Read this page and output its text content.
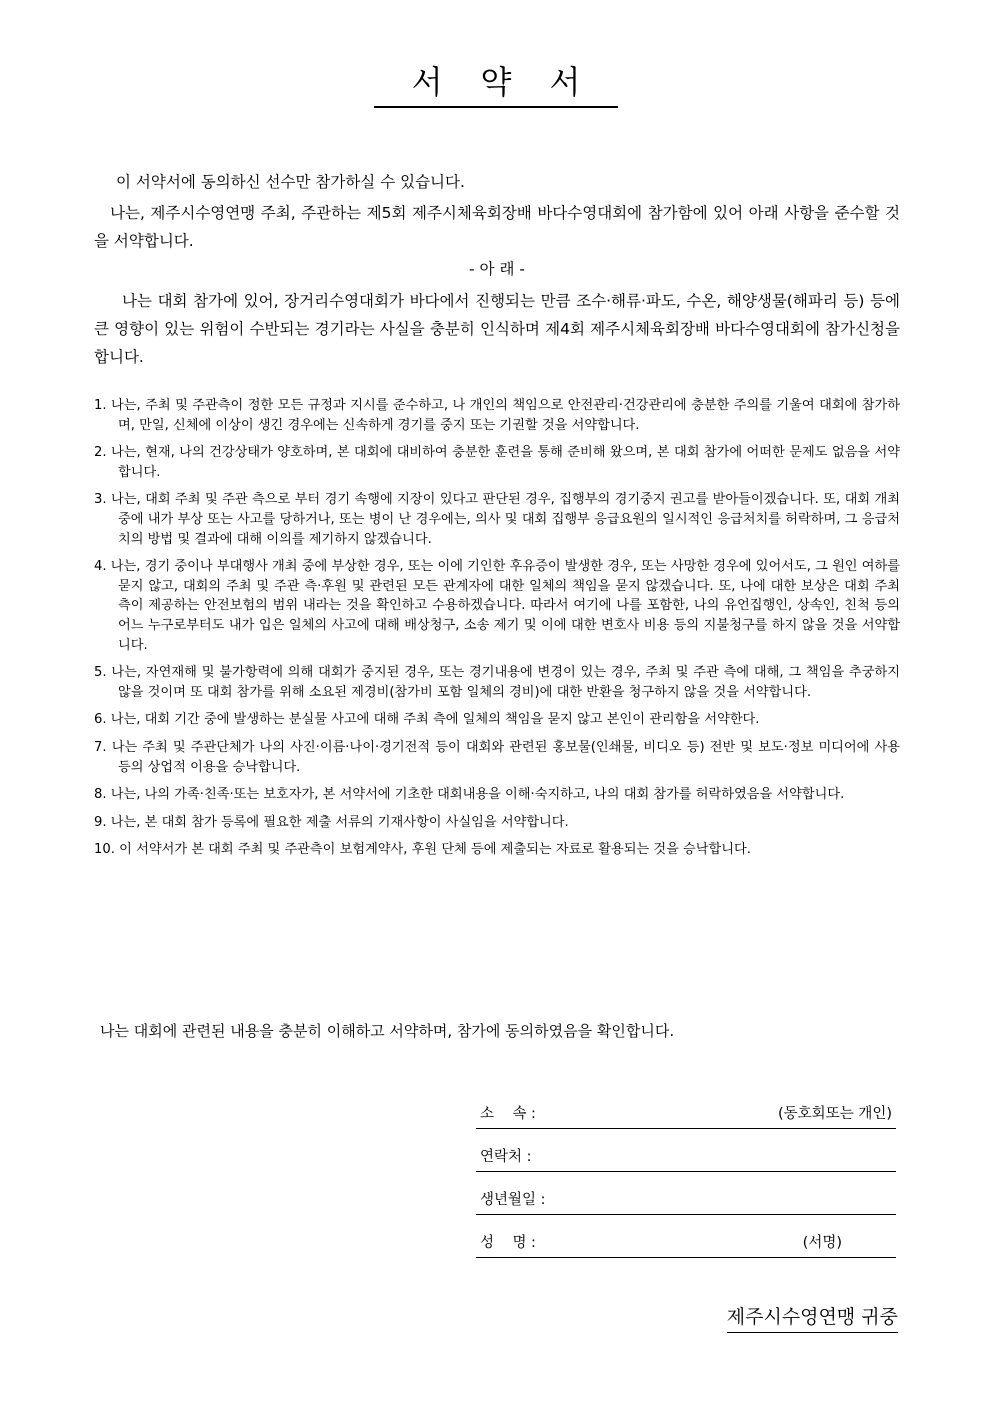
서약서
이 서약서에 동의하신 선수만 참가하실 수 있습니다.
나는, 제주시수영연맹 주최, 주관하는 제5회 제주시체육회장배 바다수영대회에 참가함에 있어 아래 사항을 준수할 것을 서약합니다.
- 아 래 -
나는 대회 참가에 있어, 장거리수영대회가 바다에서 진행되는 만큼 조수·해류·파도, 수온, 해양생물(해파리 등) 등에 큰 영향이 있는 위험이 수반되는 경기라는 사실을 충분히 인식하며 제4회 제주시체육회장배 바다수영대회에 참가신청을 합니다.
1. 나는, 주최 및 주관측이 정한 모든 규정과 지시를 준수하고, 나 개인의 책임으로 안전관리·건강관리에 충분한 주의를 기울여 대회에 참가하며, 만일, 신체에 이상이 생긴 경우에는 신속하게 경기를 중지 또는 기권할 것을 서약합니다.
2. 나는, 현재, 나의 건강상태가 양호하며, 본 대회에 대비하여 충분한 훈련을 통해 준비해 왔으며, 본 대회 참가에 어떠한 문제도 없음을 서약합니다.
3. 나는, 대회 주최 및 주관 측으로 부터 경기 속행에 지장이 있다고 판단된 경우, 집행부의 경기중지 권고를 받아들이겠습니다. 또, 대회 개최 중에 내가 부상 또는 사고를 당하거나, 또는 병이 난 경우에는, 의사 및 대회 집행부 응급요원의 일시적인 응급처치를 허락하며, 그 응급처치의 방법 및 결과에 대해 이의를 제기하지 않겠습니다.
4. 나는, 경기 중이나 부대행사 개최 중에 부상한 경우, 또는 이에 기인한 후유증이 발생한 경우, 또는 사망한 경우에 있어서도, 그 원인 여하를 묻지 않고, 대회의 주최 및 주관 측·후원 및 관련된 모든 관계자에 대한 일체의 책임을 묻지 않겠습니다. 또, 나에 대한 보상은 대회 주최 측이 제공하는 안전보험의 범위 내라는 것을 확인하고 수용하겠습니다. 따라서 여기에 나를 포함한, 나의 유언집행인, 상속인, 친척 등의 어느 누구로부터도 내가 입은 일체의 사고에 대해 배상청구, 소송 제기 및 이에 대한 변호사 비용 등의 지불청구를 하지 않을 것을 서약합니다.
5. 나는, 자연재해 및 불가항력에 의해 대회가 중지된 경우, 또는 경기내용에 변경이 있는 경우, 주최 및 주관 측에 대해, 그 책임을 추궁하지 않을 것이며 또 대회 참가를 위해 소요된 제경비(참가비 포함 일체의 경비)에 대한 반환을 청구하지 않을 것을 서약합니다.
6. 나는, 대회 기간 중에 발생하는 분실물 사고에 대해 주최 측에 일체의 책임을 묻지 않고 본인이 관리함을 서약한다.
7. 나는 주최 및 주관단체가 나의 사진·이름·나이·경기전적 등이 대회와 관련된 홍보물(인쇄물, 비디오 등) 전반 및 보도·정보 미디어에 사용 등의 상업적 이용을 승낙합니다.
8. 나는, 나의 가족·친족·또는 보호자가, 본 서약서에 기초한 대회내용을 이해·숙지하고, 나의 대회 참가를 허락하였음을 서약합니다.
9. 나는, 본 대회 참가 등록에 필요한 제출 서류의 기재사항이 사실임을 서약합니다.
10. 이 서약서가 본 대회 주최 및 주관측이 보험계약사, 후원 단체 등에 제출되는 자료로 활용되는 것을 승낙합니다.
나는 대회에 관련된 내용을 충분히 이해하고 서약하며, 참가에 동의하였음을 확인합니다.
소    속 :	(동호회또는 개인)
연락처 :
생년월일 :
성    명 :	(서명)
제주시수영연맹 귀중
